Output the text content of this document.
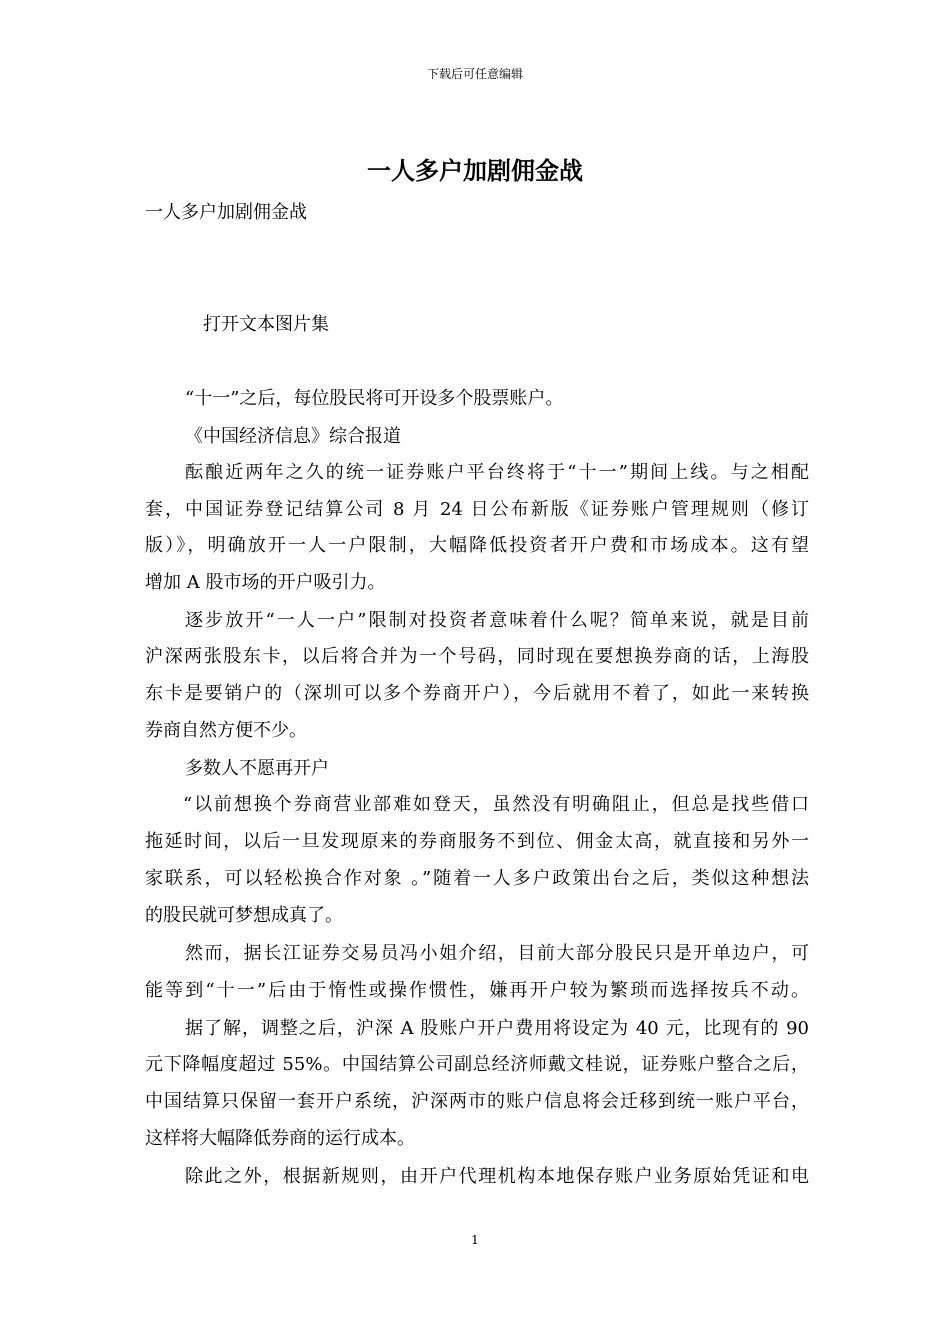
下载后可任意编辑
一人多户加剧佣金战
一人多户加剧佣金战
打开文本图片集
“十一”之后，每位股民将可开设多个股票账户。
《中国经济信息》综合报道
酝酿近两年之久的统一证券账户平台终将于“十一”期间上线。与之相配
套，中国证券登记结算公司 8 月 24 日公布新版《证券账户管理规则（修订
版）》，明确放开一人一户限制，大幅降低投资者开户费和市场成本。这有望
增加 A 股市场的开户吸引力。
逐步放开“一人一户”限制对投资者意味着什么呢？简单来说，就是目前
沪深两张股东卡，以后将合并为一个号码，同时现在要想换券商的话，上海股
东卡是要销户的（深圳可以多个券商开户），今后就用不着了，如此一来转换
券商自然方便不少。
多数人不愿再开户
“以前想换个券商营业部难如登天，虽然没有明确阻止，但总是找些借口
拖延时间，以后一旦发现原来的券商服务不到位、佣金太高，就直接和另外一
家联系，可以轻松换合作对象 。”随着一人多户政策出台之后，类似这种想法
的股民就可梦想成真了。
然而，据长江证券交易员冯小姐介绍，目前大部分股民只是开单边户，可
能等到“十一”后由于惰性或操作惯性，嫌再开户较为繁琐而选择按兵不动。
据了解，调整之后，沪深 A 股账户开户费用将设定为 40 元，比现有的 90
元下降幅度超过 55%。中国结算公司副总经济师戴文桂说，证券账户整合之后，
中国结算只保留一套开户系统，沪深两市的账户信息将会迁移到统一账户平台，
这样将大幅降低券商的运行成本。
除此之外，根据新规则，由开户代理机构本地保存账户业务原始凭证和电
1
